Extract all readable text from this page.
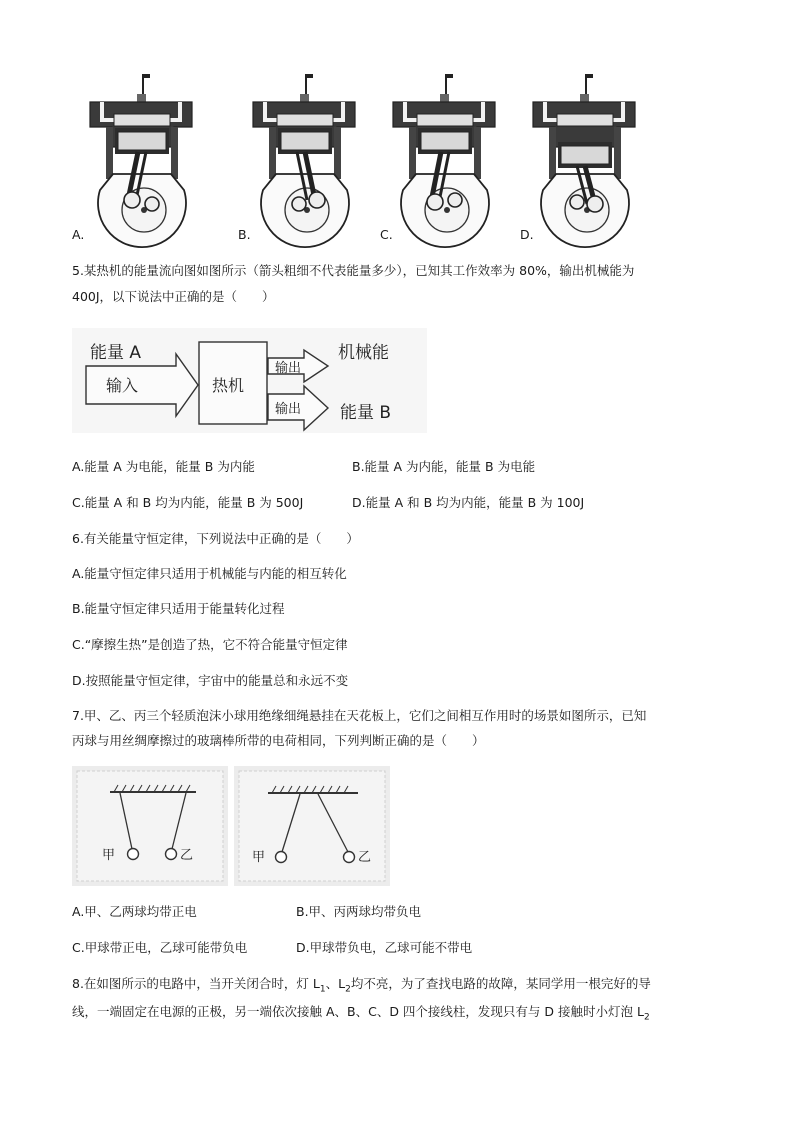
A.	B.	C.	D.
5.某热机的能量流向图如图所示（箭头粗细不代表能量多少），已知其工作效率为 80%，输出机械能为
400J，以下说法中正确的是（　　）
能量 A
输入	热机
输出
机械能
输出 能量 B
A.能量 A 为电能，能量 B 为内能	B.能量 A 为内能，能量 B 为电能
C.能量 A 和 B 均为内能，能量 B 为 500J	D.能量 A 和 B 均为内能，能量 B 为 100J
6.有关能量守恒定律，下列说法中正确的是（　　）
A.能量守恒定律只适用于机械能与内能的相互转化
B.能量守恒定律只适用于能量转化过程
C.“摩擦生热”是创造了热，它不符合能量守恒定律
D.按照能量守恒定律，宇宙中的能量总和永远不变
7.甲、乙、丙三个轻质泡沫小球用绝缘细绳悬挂在天花板上，它们之间相互作用时的场景如图所示，已知
丙球与用丝绸摩擦过的玻璃棒所带的电荷相同，下列判断正确的是（　　）
甲	乙	甲	乙
A.甲、乙两球均带正电	B.甲、丙两球均带负电
C.甲球带正电，乙球可能带负电	D.甲球带负电，乙球可能不带电
8.在如图所示的电路中，当开关闭合时，灯 $L_1$、$L_2$均不亮，为了查找电路的故障，某同学用一根完好的导
线，一端固定在电源的正极，另一端依次接触 A、B、C、D 四个接线柱，发现只有与 D 接触时小灯泡 $L_2$
